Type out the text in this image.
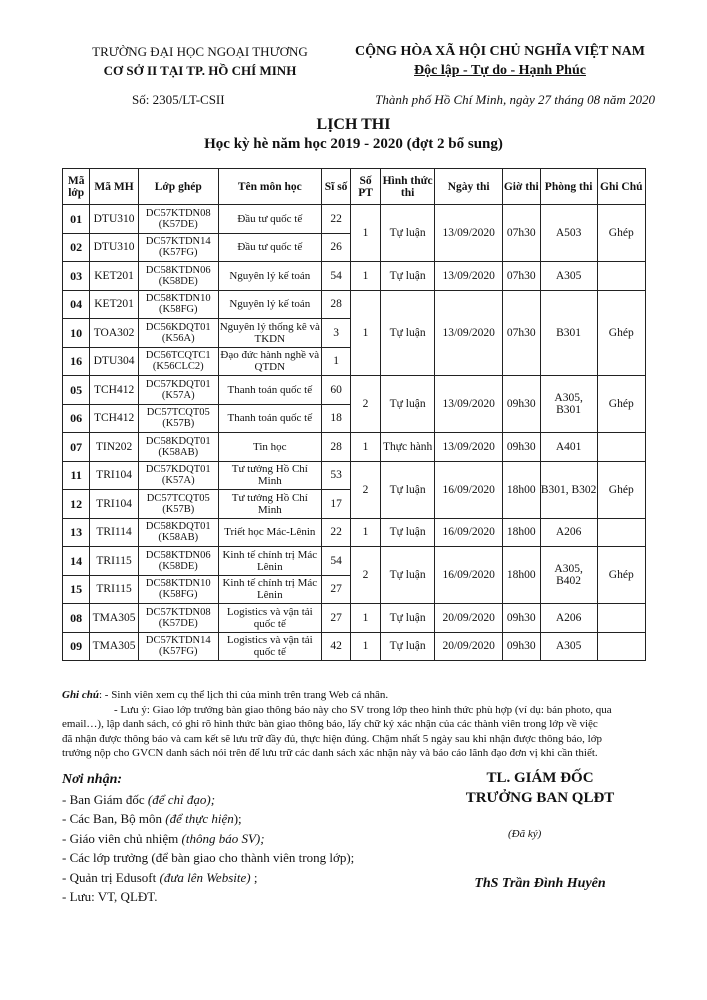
TRƯỜNG ĐẠI HỌC NGOẠI THƯƠNG
CƠ SỞ II TẠI TP. HỒ CHÍ MINH
CỘNG HÒA XÃ HỘI CHỦ NGHĨA VIỆT NAM
Độc lập - Tự do - Hạnh Phúc
Số: 2305/LT-CSII	Thành phố Hồ Chí Minh, ngày 27 tháng 08 năm 2020
LỊCH THI
Học kỳ hè năm học 2019 - 2020 (đợt 2 bổ sung)
Mã lớp	Mã MH	Lớp ghép	Tên môn học	Sĩ số	Số PT	Hình thức thi	Ngày thi	Giờ thi	Phòng thi	Ghi Chú
01	DTU310	DC57KTDN08 (K57DE)	Đầu tư quốc tế	22	1	Tự luận	13/09/2020	07h30	A503	Ghép
02	DTU310	DC57KTDN14 (K57FG)	Đầu tư quốc tế	26						
03	KET201	DC58KTDN06 (K58DE)	Nguyên lý kế toán	54	1	Tự luận	13/09/2020	07h30	A305	
04	KET201	DC58KTDN10 (K58FG)	Nguyên lý kế toán	28	1	Tự luận	13/09/2020	07h30	B301	Ghép
10	TOA302	DC56KDQT01 (K56A)	Nguyên lý thống kê và TKDN	3						
16	DTU304	DC56TCQTC1 (K56CLC2)	Đạo đức hành nghề và QTDN	1						
05	TCH412	DC57KDQT01 (K57A)	Thanh toán quốc tế	60	2	Tự luận	13/09/2020	09h30	A305, B301	Ghép
06	TCH412	DC57TCQT05 (K57B)	Thanh toán quốc tế	18						
07	TIN202	DC58KDQT01 (K58AB)	Tin học	28	1	Thực hành	13/09/2020	09h30	A401	
11	TRI104	DC57KDQT01 (K57A)	Tư tưởng Hồ Chí Minh	53	2	Tự luận	16/09/2020	18h00	B301, B302	Ghép
12	TRI104	DC57TCQT05 (K57B)	Tư tưởng Hồ Chí Minh	17						
13	TRI114	DC58KDQT01 (K58AB)	Triết học Mác-Lênin	22	1	Tự luận	16/09/2020	18h00	A206	
14	TRI115	DC58KTDN06 (K58DE)	Kinh tế chính trị Mác Lênin	54	2	Tự luận	16/09/2020	18h00	A305, B402	Ghép
15	TRI115	DC58KTDN10 (K58FG)	Kinh tế chính trị Mác Lênin	27						
08	TMA305	DC57KTDN08 (K57DE)	Logistics và vận tải quốc tế	27	1	Tự luận	20/09/2020	09h30	A206	
09	TMA305	DC57KTDN14 (K57FG)	Logistics và vận tải quốc tế	42	1	Tự luận	20/09/2020	09h30	A305	

Ghi chú: - Sinh viên xem cụ thể lịch thi của mình trên trang Web cá nhân.

- Lưu ý: Giao lớp trưởng bàn giao thông báo này cho SV trong lớp theo hình thức phù hợp (ví dụ: bản photo, qua

email…), lập danh sách, có ghi rõ hình thức bàn giao thông báo, lấy chữ ký xác nhận của các thành viên trong lớp về việc

đã nhận được thông báo và cam kết sẽ lưu trữ đầy đủ, thực hiện đúng. Chậm nhất 5 ngày sau khi nhận được thông báo, lớp

trưởng nộp cho GVCN danh sách nói trên để lưu trữ các danh sách xác nhận này và báo cáo lãnh đạo đơn vị khi cần thiết.

Nơi nhận:
- Ban Giám đốc (để chỉ đạo);
- Các Ban, Bộ môn (để thực hiện);
- Giáo viên chủ nhiệm (thông báo SV);
- Các lớp trưởng (để bàn giao cho thành viên trong lớp);
- Quản trị Edusoft (đưa lên Website) ;
- Lưu: VT, QLĐT.
TL. GIÁM ĐỐC
TRƯỞNG BAN QLĐT
(Đã ký)
ThS Trần Đình Huyên
